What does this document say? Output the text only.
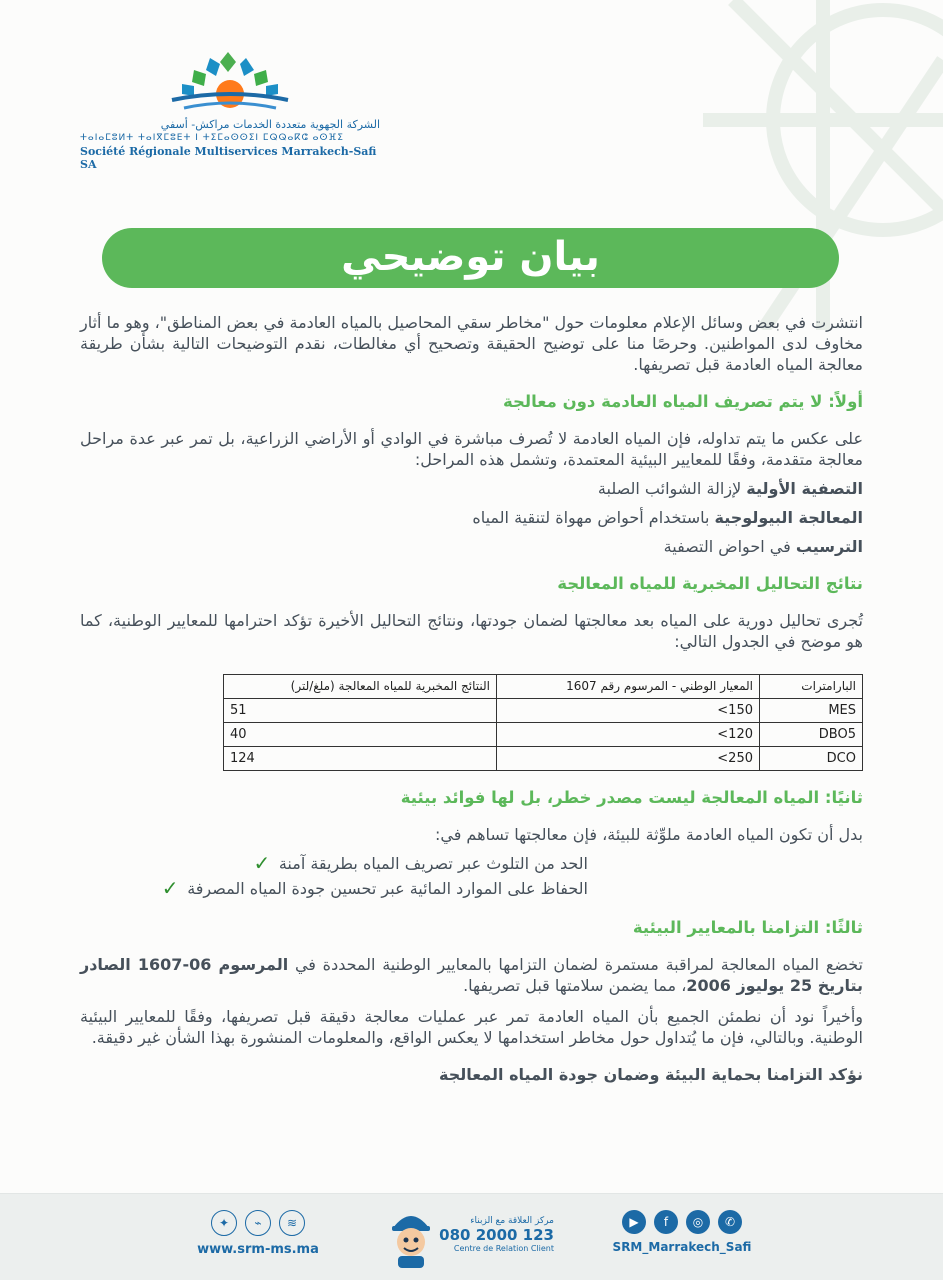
الشركة الجهوية متعددة الخدمات مراكش- أسفي
ⵜⴰⵏⴰⵎⵓⵍⵜ ⵜⴰⵏⴳⵎⵓⴹⵜ ⵏ ⵜⵉⵎⴰⵙⵙⵉⵏ ⵎⵕⵕⴰⴽⵛ ⴰⵙⴼⵉ
Société Régionale Multiservices Marrakech-Safi SA
بيان توضيحي

انتشرت في بعض وسائل الإعلام معلومات حول "مخاطر سقي المحاصيل بالمياه العادمة في بعض المناطق"، وهو ما أثار مخاوف لدى المواطنين. وحرصًا منا على توضيح الحقيقة وتصحيح أي مغالطات، نقدم التوضيحات التالية بشأن طريقة معالجة المياه العادمة قبل تصريفها.

أولاً: لا يتم تصريف المياه العادمة دون معالجة

على عكس ما يتم تداوله، فإن المياه العادمة لا تُصرف مباشرة في الوادي أو الأراضي الزراعية، بل تمر عبر عدة مراحل معالجة متقدمة، وفقًا للمعايير البيئية المعتمدة، وتشمل هذه المراحل:

التصفية الأولية لإزالة الشوائب الصلبة

المعالجة البيولوجية باستخدام أحواض مهواة لتنقية المياه

الترسيب في احواض التصفية

نتائج التحاليل المخبرية للمياه المعالجة

تُجرى تحاليل دورية على المياه بعد معالجتها لضمان جودتها، ونتائج التحاليل الأخيرة تؤكد احترامها للمعايير الوطنية، كما هو موضح في الجدول التالي:

البارامترات	المعيار الوطني - المرسوم رقم 1607	النتائج المخبرية للمياه المعالجة (ملغ/لتر)
MES	<150	51
DBO5	<120	40
DCO	<250	124

ثانيًا: المياه المعالجة ليست مصدر خطر، بل لها فوائد بيئية

بدل أن تكون المياه العادمة ملوِّثة للبيئة، فإن معالجتها تساهم في:

الحد من التلوث عبر تصريف المياه بطريقة آمنة
✓
الحفاظ على الموارد المائية عبر تحسين جودة المياه المصرفة
✓

ثالثًا: التزامنا بالمعايير البيئية

تخضع المياه المعالجة لمراقبة مستمرة لضمان التزامها بالمعايير الوطنية المحددة في المرسوم 06-1607 الصادر بتاريخ 25 يوليوز 2006، مما يضمن سلامتها قبل تصريفها.

وأخيراً نود أن نطمئن الجميع بأن المياه العادمة تمر عبر عمليات معالجة دقيقة قبل تصريفها، وفقًا للمعايير البيئية الوطنية. وبالتالي، فإن ما يُتداول حول مخاطر استخدامها لا يعكس الواقع، والمعلومات المنشورة بهذا الشأن غير دقيقة.

نؤكد التزامنا بحماية البيئة وضمان جودة المياه المعالجة

✦	⌁	≋
www.srm-ms.ma
مركز العلاقة مع الزبناء
080 2000 123
Centre de Relation Client
▶	f	◎	✆
SRM_Marrakech_Safi
